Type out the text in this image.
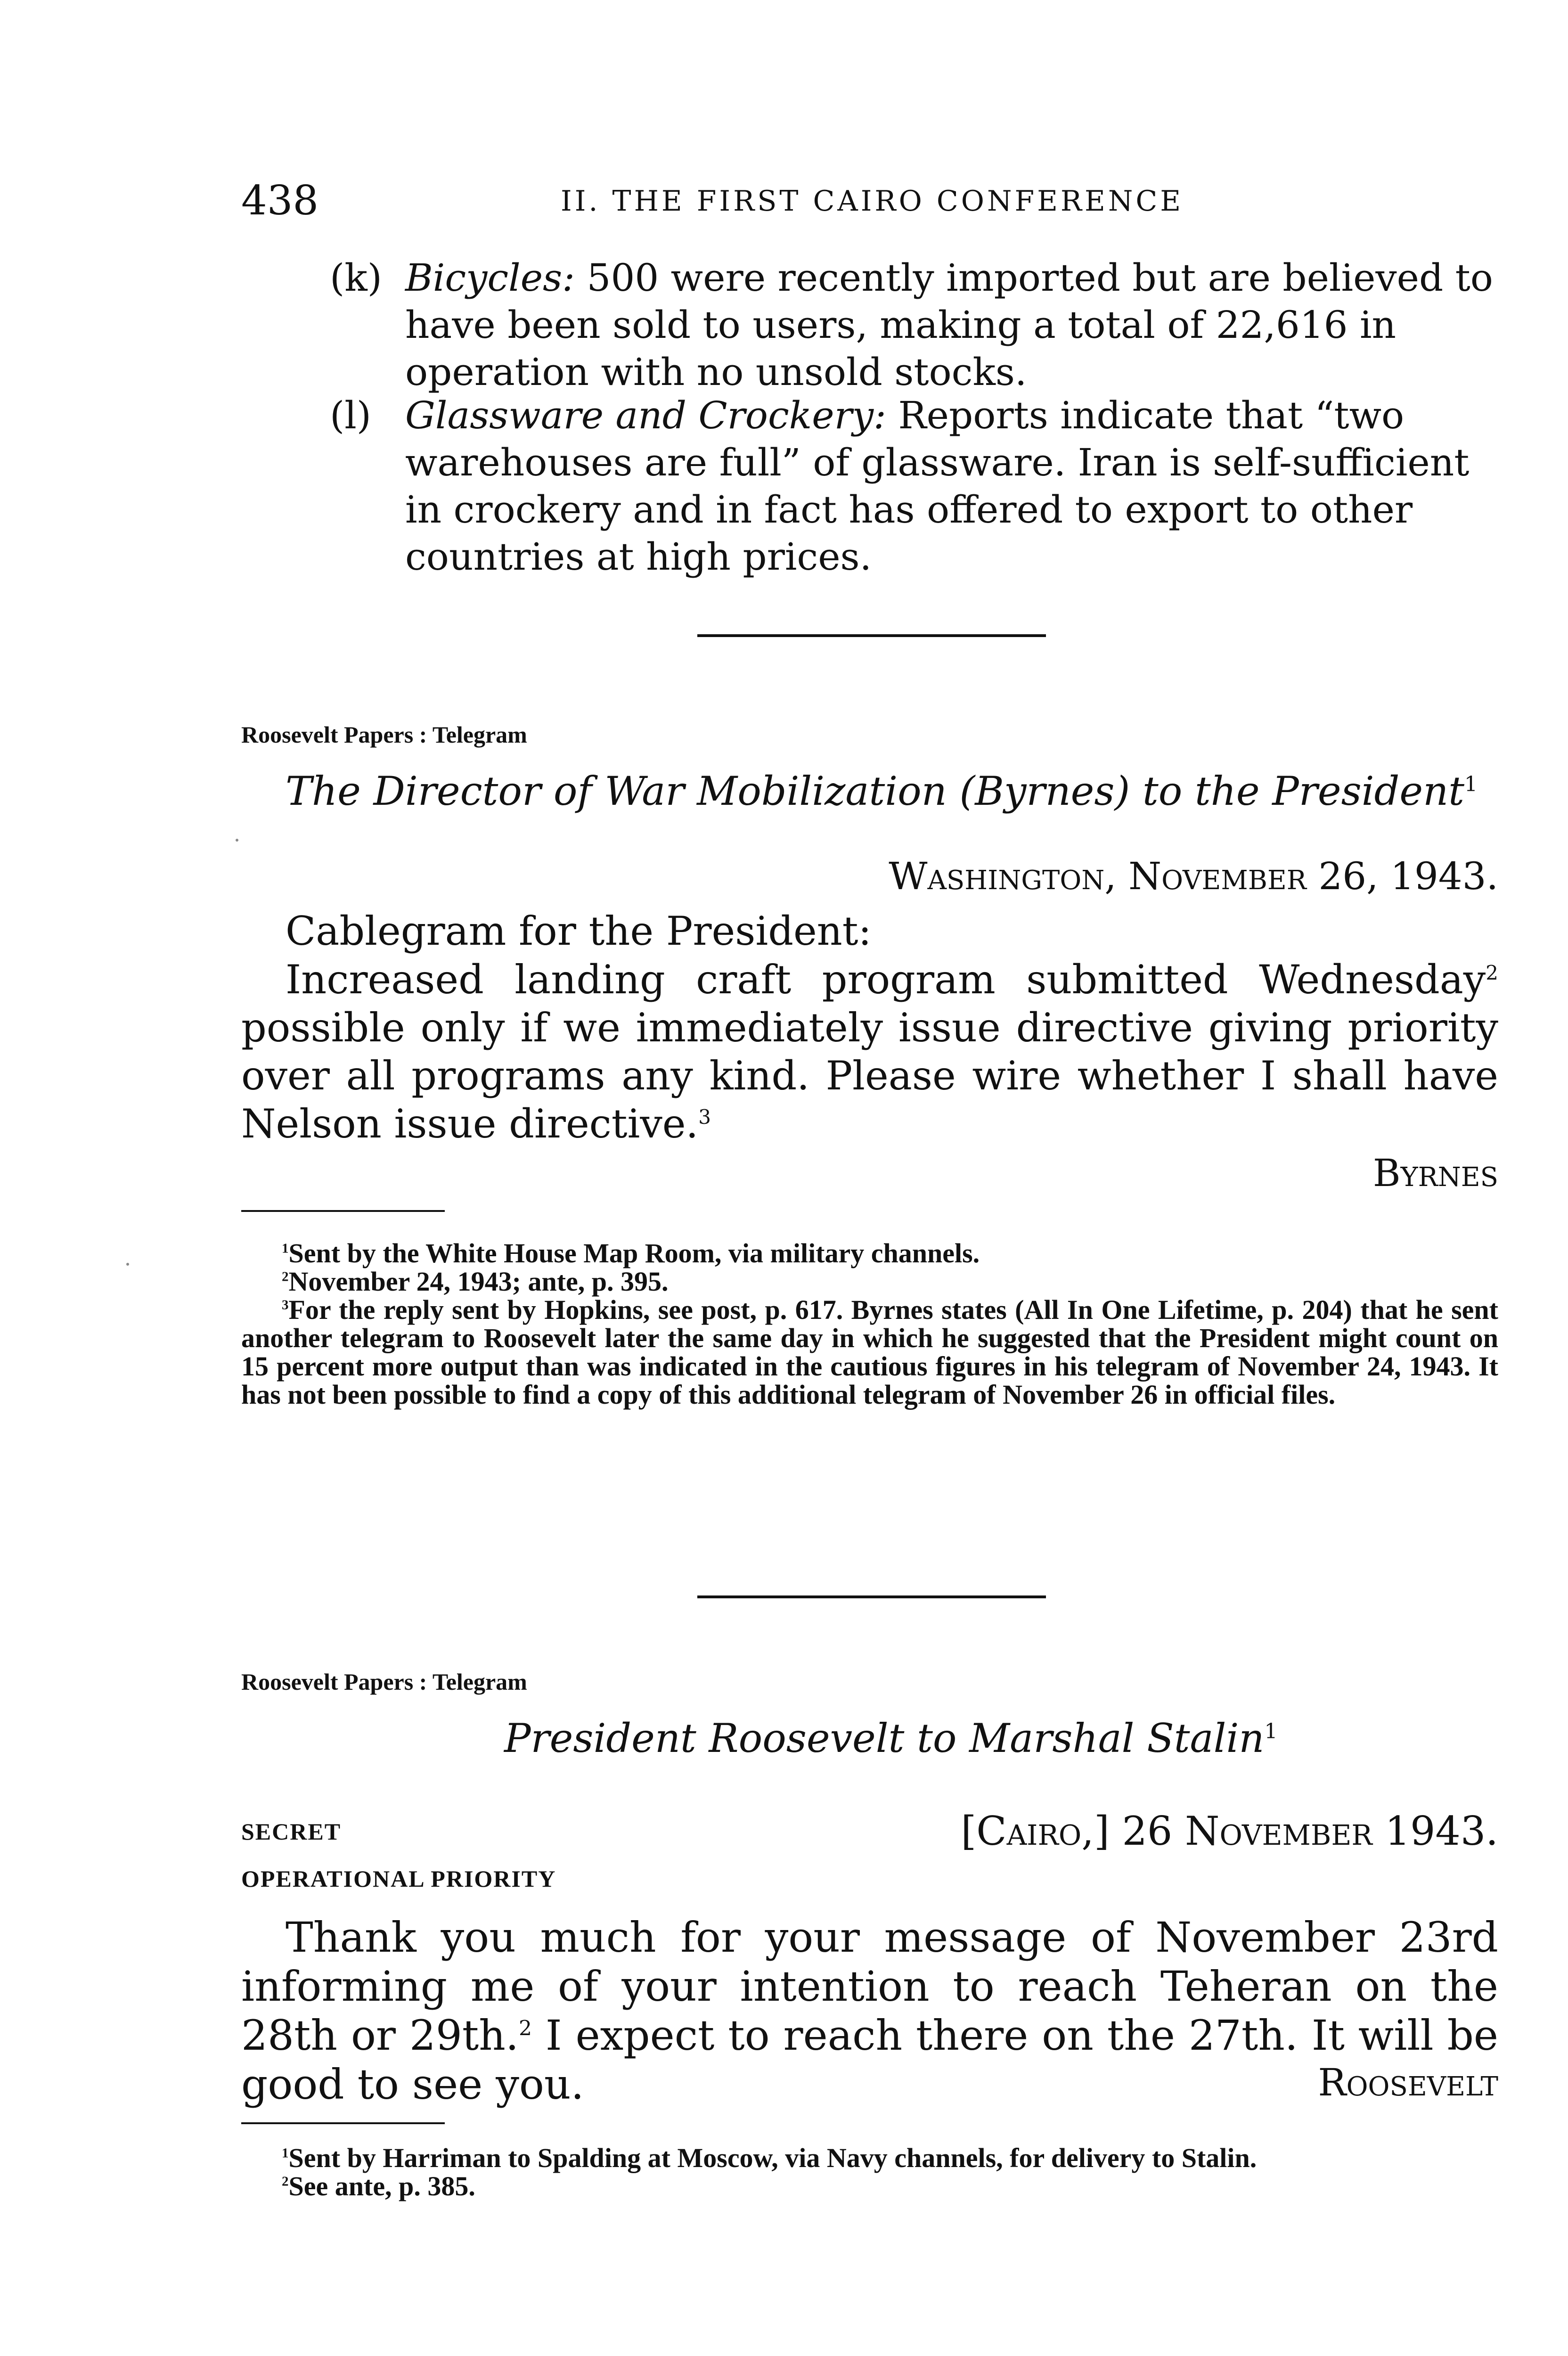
438	II. THE FIRST CAIRO CONFERENCE
(k) Bicycles: 500 were recently imported but are believed to have been sold to users, making a total of 22,616 in operation with no unsold stocks.
(l) Glassware and Crockery: Reports indicate that “two warehouses are full” of glassware. Iran is self-sufficient in crockery and in fact has offered to export to other countries at high prices.
Roosevelt Papers : Telegram
The Director of War Mobilization (Byrnes) to the President$^1$
Washington, November 26, 1943.
Cablegram for the President:
Increased landing craft program submitted Wednesday$^2$ possible only if we immediately issue directive giving priority over all programs any kind. Please wire whether I shall have Nelson issue directive.$^3$
Byrnes
$^1$Sent by the White House Map Room, via military channels.
$^2$November 24, 1943; ante, p. 395.
$^3$For the reply sent by Hopkins, see post, p. 617. Byrnes states (All In One Lifetime, p. 204) that he sent another telegram to Roosevelt later the same day in which he suggested that the President might count on 15 percent more output than was indicated in the cautious figures in his telegram of November 24, 1943. It has not been possible to find a copy of this additional telegram of November 26 in official files.
Roosevelt Papers : Telegram
President Roosevelt to Marshal Stalin$^1$
SECRET	[Cairo,] 26 November 1943.
OPERATIONAL PRIORITY
Thank you much for your message of November 23rd informing me of your intention to reach Teheran on the 28th or 29th.$^2$ I expect to reach there on the 27th. It will be good to see you.	Roosevelt
$^1$Sent by Harriman to Spalding at Moscow, via Navy channels, for delivery to Stalin.
$^2$See ante, p. 385.
